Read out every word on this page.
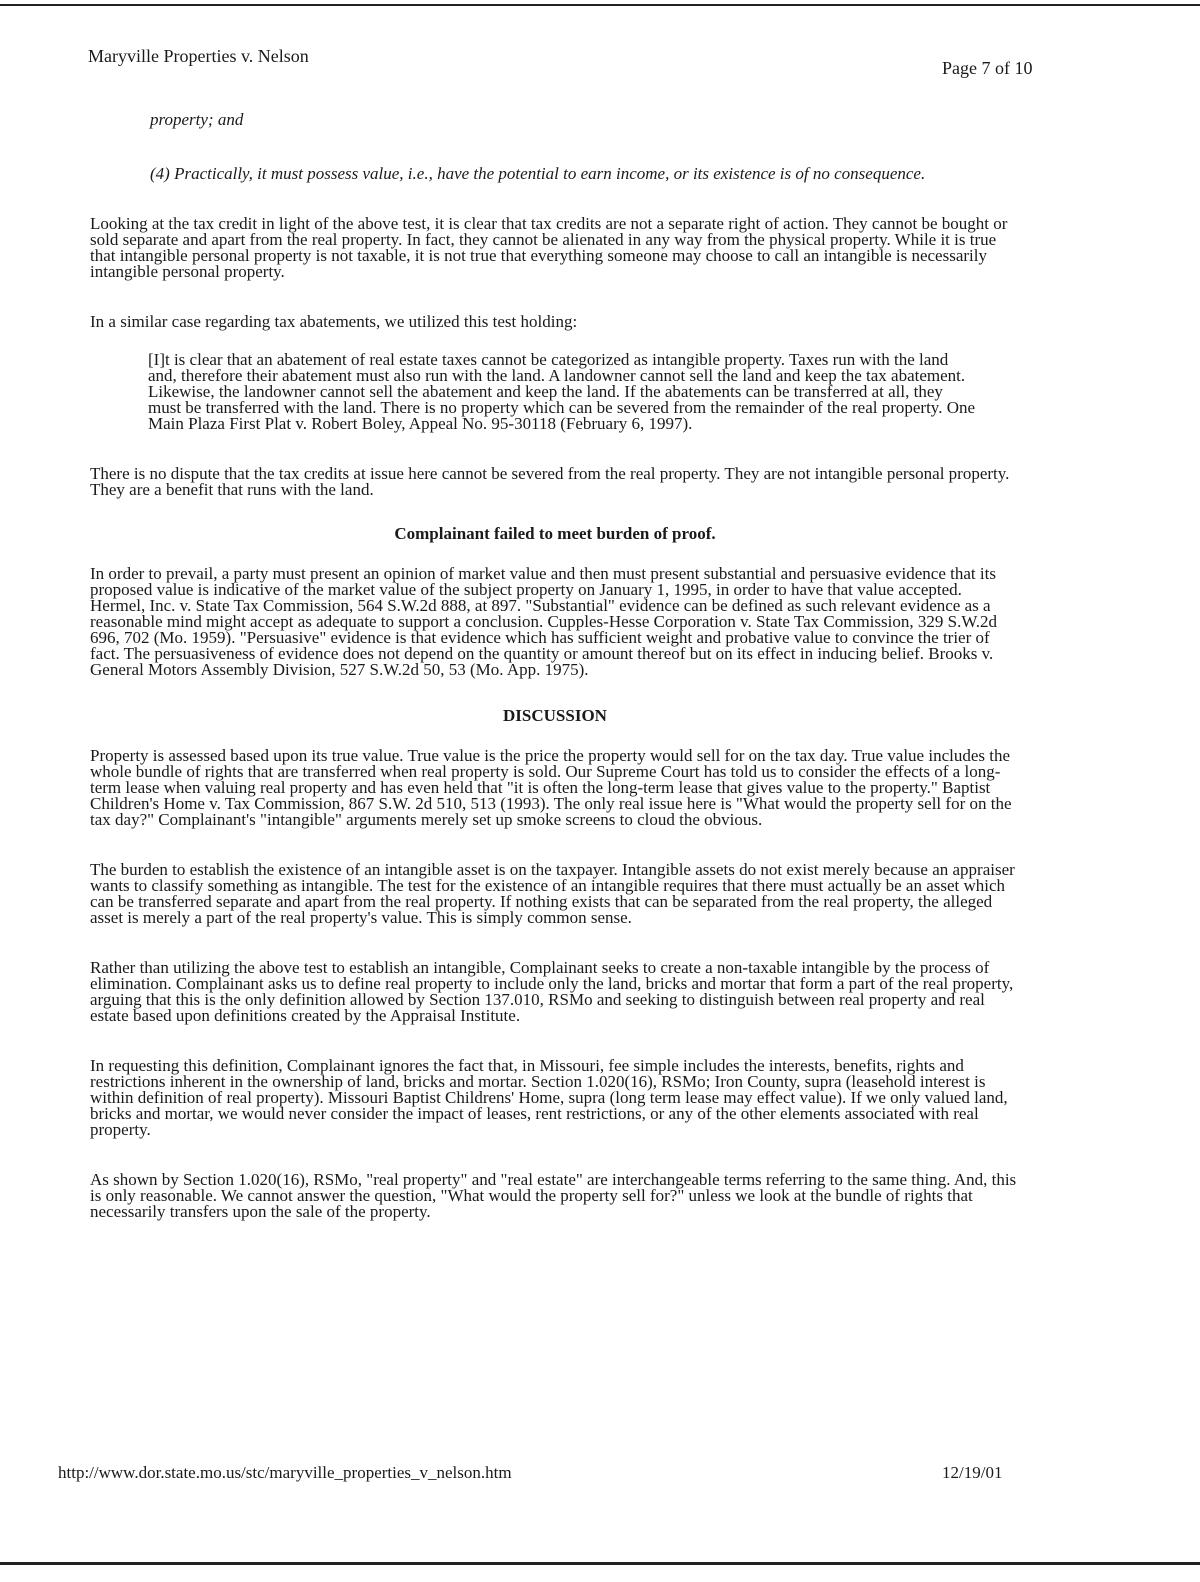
Maryville Properties v. Nelson
Page 7 of 10

property; and

(4) Practically, it must possess value, i.e., have the potential to earn income, or its existence is of no consequence.

Looking at the tax credit in light of the above test, it is clear that tax credits are not a separate right of action. They cannot be bought or sold separate and apart from the real property. In fact, they cannot be alienated in any way from the physical property. While it is true that intangible personal property is not taxable, it is not true that everything someone may choose to call an intangible is necessarily intangible personal property.

In a similar case regarding tax abatements, we utilized this test holding:

[I]t is clear that an abatement of real estate taxes cannot be categorized as intangible property. Taxes run with the land and, therefore their abatement must also run with the land. A landowner cannot sell the land and keep the tax abatement. Likewise, the landowner cannot sell the abatement and keep the land. If the abatements can be transferred at all, they must be transferred with the land. There is no property which can be severed from the remainder of the real property. One Main Plaza First Plat v. Robert Boley, Appeal No. 95-30118 (February 6, 1997).

There is no dispute that the tax credits at issue here cannot be severed from the real property. They are not intangible personal property. They are a benefit that runs with the land.

Complainant failed to meet burden of proof.

In order to prevail, a party must present an opinion of market value and then must present substantial and persuasive evidence that its proposed value is indicative of the market value of the subject property on January 1, 1995, in order to have that value accepted. Hermel, Inc. v. State Tax Commission, 564 S.W.2d 888, at 897. "Substantial" evidence can be defined as such relevant evidence as a reasonable mind might accept as adequate to support a conclusion. Cupples-Hesse Corporation v. State Tax Commission, 329 S.W.2d 696, 702 (Mo. 1959). "Persuasive" evidence is that evidence which has sufficient weight and probative value to convince the trier of fact. The persuasiveness of evidence does not depend on the quantity or amount thereof but on its effect in inducing belief. Brooks v. General Motors Assembly Division, 527 S.W.2d 50, 53 (Mo. App. 1975).

DISCUSSION

Property is assessed based upon its true value. True value is the price the property would sell for on the tax day. True value includes the whole bundle of rights that are transferred when real property is sold. Our Supreme Court has told us to consider the effects of a long-term lease when valuing real property and has even held that "it is often the long-term lease that gives value to the property." Baptist Children's Home v. Tax Commission, 867 S.W. 2d 510, 513 (1993). The only real issue here is "What would the property sell for on the tax day?" Complainant's "intangible" arguments merely set up smoke screens to cloud the obvious.

The burden to establish the existence of an intangible asset is on the taxpayer. Intangible assets do not exist merely because an appraiser wants to classify something as intangible. The test for the existence of an intangible requires that there must actually be an asset which can be transferred separate and apart from the real property. If nothing exists that can be separated from the real property, the alleged asset is merely a part of the real property's value. This is simply common sense.

Rather than utilizing the above test to establish an intangible, Complainant seeks to create a non-taxable intangible by the process of elimination. Complainant asks us to define real property to include only the land, bricks and mortar that form a part of the real property, arguing that this is the only definition allowed by Section 137.010, RSMo and seeking to distinguish between real property and real estate based upon definitions created by the Appraisal Institute.

In requesting this definition, Complainant ignores the fact that, in Missouri, fee simple includes the interests, benefits, rights and restrictions inherent in the ownership of land, bricks and mortar. Section 1.020(16), RSMo; Iron County, supra (leasehold interest is within definition of real property). Missouri Baptist Childrens' Home, supra (long term lease may effect value). If we only valued land, bricks and mortar, we would never consider the impact of leases, rent restrictions, or any of the other elements associated with real property.

As shown by Section 1.020(16), RSMo, "real property" and "real estate" are interchangeable terms referring to the same thing. And, this is only reasonable. We cannot answer the question, "What would the property sell for?" unless we look at the bundle of rights that necessarily transfers upon the sale of the property.

http://www.dor.state.mo.us/stc/maryville_properties_v_nelson.htm	12/19/01
